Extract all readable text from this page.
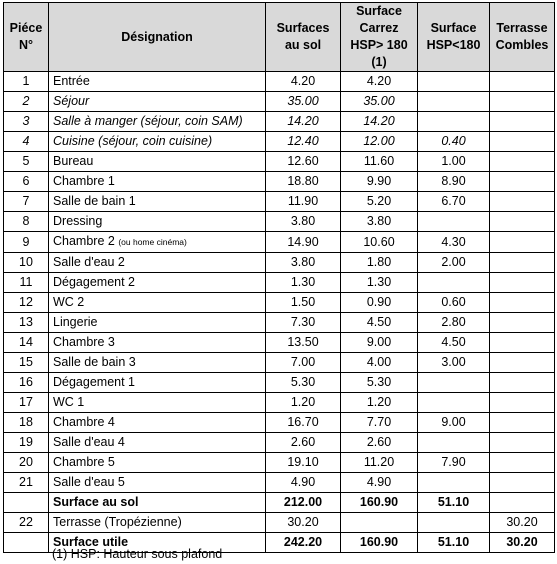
Piéce N°	Désignation	Surfaces au sol	Surface Carrez HSP> 180 (1)	Surface HSP<180	Terrasse Combles
1	Entrée	4.20	4.20		
2	Séjour	35.00	35.00		
3	Salle à manger (séjour, coin SAM)	14.20	14.20		
4	Cuisine (séjour, coin cuisine)	12.40	12.00	0.40	
5	Bureau	12.60	11.60	1.00	
6	Chambre 1	18.80	9.90	8.90	
7	Salle de bain 1	11.90	5.20	6.70	
8	Dressing	3.80	3.80		
9	Chambre 2 (ou home cinéma)	14.90	10.60	4.30	
10	Salle d'eau 2	3.80	1.80	2.00	
11	Dégagement 2	1.30	1.30		
12	WC 2	1.50	0.90	0.60	
13	Lingerie	7.30	4.50	2.80	
14	Chambre 3	13.50	9.00	4.50	
15	Salle de bain 3	7.00	4.00	3.00	
16	Dégagement 1	5.30	5.30		
17	WC 1	1.20	1.20		
18	Chambre 4	16.70	7.70	9.00	
19	Salle d'eau 4	2.60	2.60		
20	Chambre 5	19.10	11.20	7.90	
21	Salle d'eau 5	4.90	4.90		
	Surface au sol	212.00	160.90	51.10	
22	Terrasse (Tropézienne)	30.20			30.20
	Surface utile	242.20	160.90	51.10	30.20
(1) HSP: Hauteur sous plafond
